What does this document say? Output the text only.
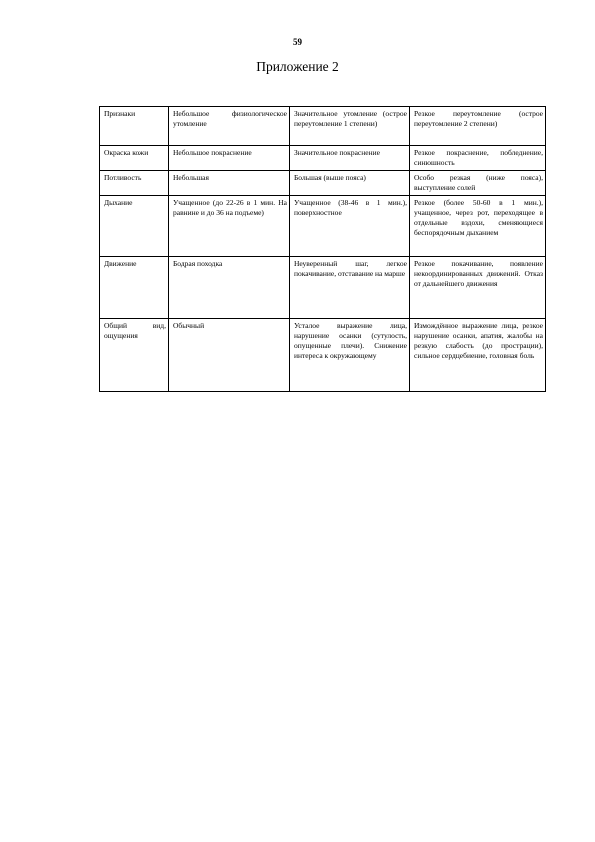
59
Приложение 2
Признаки	Небольшое физиологическое утомление	Значительное утомление (острое переутомление 1 степени)	Резкое переутомление (острое переутомление 2 степени)
Окраска кожи	Небольшое покраснение	Значительное покраснение	Резкое покраснение, побледнение, синюшность
Потливость	Небольшая	Большая (выше пояса)	Особо резкая (ниже пояса), выступление солей
Дыхание	Учащенное (до 22-26 в 1 мин. На равнине и до 36 на подъеме)	Учащенное (38-46 в 1 мин.), поверхностное	Резкое (более 50-60 в 1 мин.), учащенное, через рот, переходящее в отдельные вздохи, сменяющиеся беспорядочным дыханием
Движение	Бодрая походка	Неуверенный шаг, легкое покачивание, отставание на марше	Резкое покачивание, появление некоординированных движений. Отказ от дальнейшего движения
Общий вид, ощущения	Обычный	Усталое выражение лица, нарушение осанки (сутулость, опущенные плечи). Снижение интереса к окружающему	Измождённое выражение лица, резкое нарушение осанки, апатия, жалобы на резкую слабость (до прострации), сильное сердцебиение, головная боль
